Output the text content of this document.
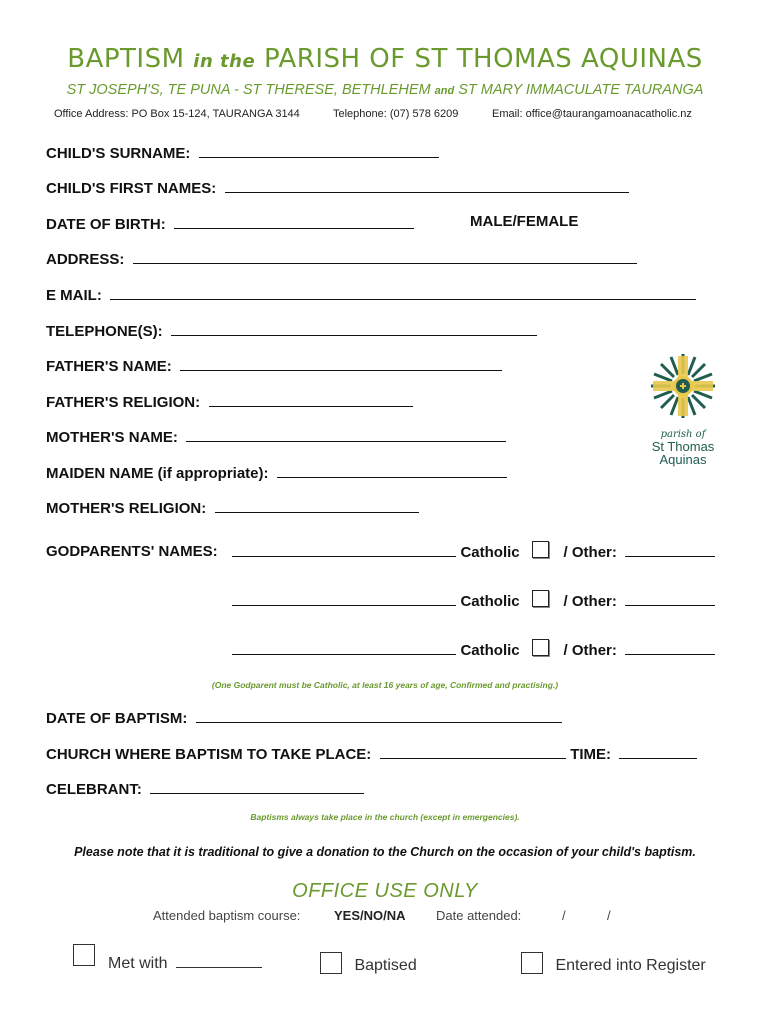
BAPTISM in the PARISH OF ST THOMAS AQUINAS
ST JOSEPH'S, TE PUNA - ST THERESE, BETHLEHEM and ST MARY IMMACULATE TAURANGA
Office Address: PO Box 15-124, TAURANGA 3144	Telephone: (07) 578 6209	Email: office@taurangamoanacatholic.nz
CHILD'S SURNAME:
CHILD'S FIRST NAMES:
DATE OF BIRTH:	MALE/FEMALE
ADDRESS:
E MAIL:
TELEPHONE(S):
FATHER'S NAME:
FATHER'S RELIGION:
MOTHER'S NAME:
MAIDEN NAME (if appropriate):
MOTHER'S RELIGION:
GODPARENTS' NAMES:	Catholic	/ Other:
Catholic	/ Other:
Catholic	/ Other:
(One Godparent must be Catholic, at least 16 years of age, Confirmed and practising.)
DATE OF BAPTISM:
CHURCH WHERE BAPTISM TO TAKE PLACE:	TIME:
CELEBRANT:
Baptisms always take place in the church (except in emergencies).
Please note that it is traditional to give a donation to the Church on the occasion of your child's baptism.
OFFICE USE ONLY
Attended baptism course:	YES/NO/NA Date attended:	/	/
Met with	Baptised	Entered into Register
parish of
St Thomas
Aquinas
